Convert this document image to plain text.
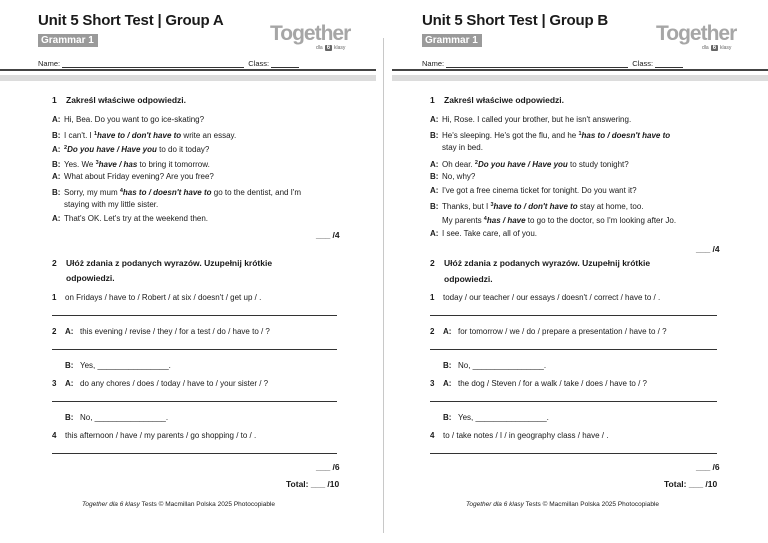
Unit 5 Short Test | Group A
Grammar 1	Together
dla 6 klasy
Name:	Class:
1 Zakreśl właściwe odpowiedzi.
A: Hi, Bea. Do you want to go ice-skating?
B: I can't. I $^1$have to / don't have to write an essay.
A: $^2$Do you have / Have you to do it today?
B: Yes. We $^3$have / has to bring it tomorrow.
A: What about Friday evening? Are you free?
B: Sorry, my mum $^4$has to / doesn't have to go to the dentist, and I'm
staying with my little sister.
A: That's OK. Let's try at the weekend then.
___ /4
2 Ułóż zdania z podanych wyrazów. Uzupełnij krótkie
odpowiedzi.
1 on Fridays / have to / Robert / at six / doesn't / get up / .
2 A: this evening / revise / they / for a test / do / have to / ?
B: Yes, ________________.
3 A: do any chores / does / today / have to / your sister / ?
B: No, ________________.
4 this afternoon / have / my parents / go shopping / to / .
___ /6
Total: ___ /10
Together dla 6 klasy Tests © Macmillan Polska 2025 Photocopiable
Unit 5 Short Test | Group B
Grammar 1	Together
dla 6 klasy
Name:	Class:
1 Zakreśl właściwe odpowiedzi.
A: Hi, Rose. I called your brother, but he isn't answering.
B: He's sleeping. He's got the flu, and he $^1$has to / doesn't have to
stay in bed.
A: Oh dear. $^2$Do you have / Have you to study tonight?
B: No, why?
A: I've got a free cinema ticket for tonight. Do you want it?
B: Thanks, but I $^3$have to / don't have to stay at home, too.
My parents $^4$has / have to go to the doctor, so I'm looking after Jo.
A: I see. Take care, all of you.
___ /4
2 Ułóż zdania z podanych wyrazów. Uzupełnij krótkie
odpowiedzi.
1 today / our teacher / our essays / doesn't / correct / have to / .
2 A: for tomorrow / we / do / prepare a presentation / have to / ?
B: No, ________________.
3 A: the dog / Steven / for a walk / take / does / have to / ?
B: Yes, ________________.
4 to / take notes / I / in geography class / have / .
___ /6
Total: ___ /10
Together dla 6 klasy Tests © Macmillan Polska 2025 Photocopiable
